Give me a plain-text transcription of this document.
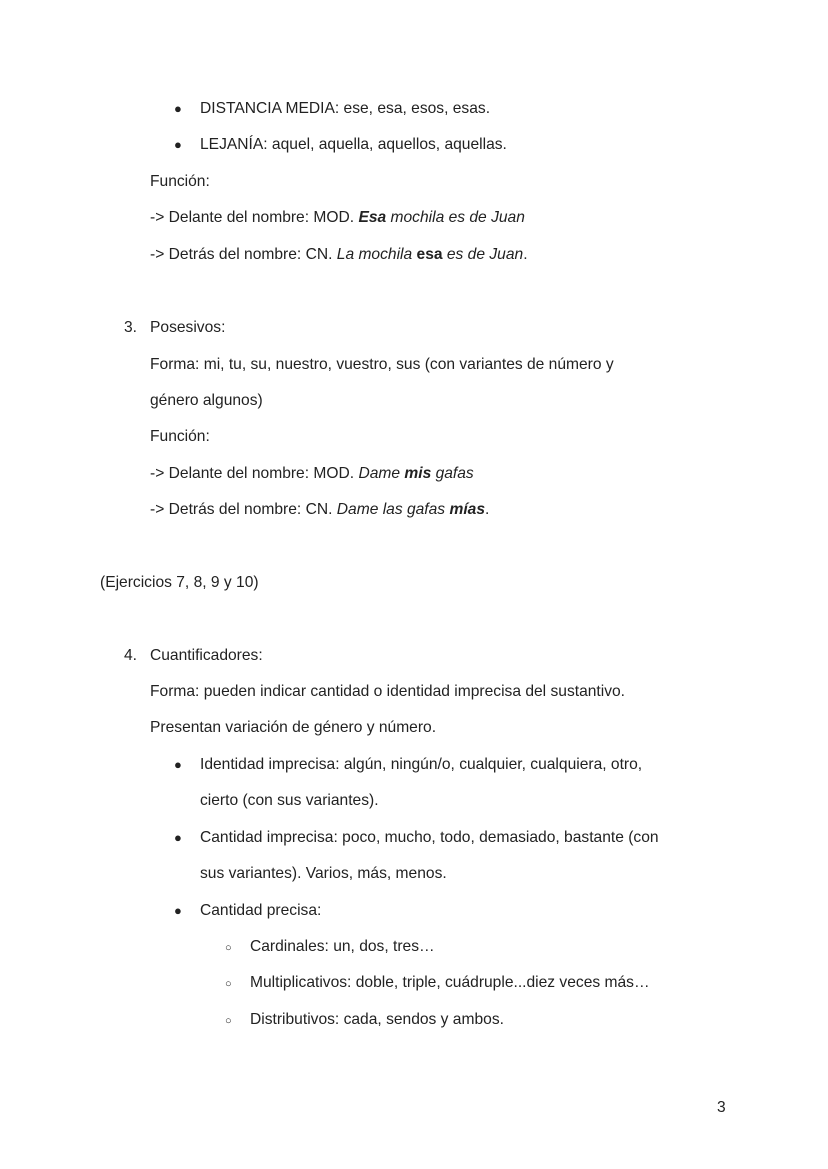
● DISTANCIA MEDIA: ese, esa, esos, esas.
● LEJANÍA: aquel, aquella, aquellos, aquellas.
Función:
-> Delante del nombre: MOD. Esa mochila es de Juan
-> Detrás del nombre: CN. La mochila esa es de Juan.
3. Posesivos:
Forma: mi, tu, su, nuestro, vuestro, sus (con variantes de número y
género algunos)
Función:
-> Delante del nombre: MOD. Dame mis gafas
-> Detrás del nombre: CN. Dame las gafas mías.
(Ejercicios 7, 8, 9 y 10)
4. Cuantificadores:
Forma: pueden indicar cantidad o identidad imprecisa del sustantivo.
Presentan variación de género y número.
● Identidad imprecisa: algún, ningún/o, cualquier, cualquiera, otro,
cierto (con sus variantes).
● Cantidad imprecisa: poco, mucho, todo, demasiado, bastante (con
sus variantes). Varios, más, menos.
● Cantidad precisa:
○ Cardinales: un, dos, tres…
○ Multiplicativos: doble, triple, cuádruple...diez veces más…
○ Distributivos: cada, sendos y ambos.
3
